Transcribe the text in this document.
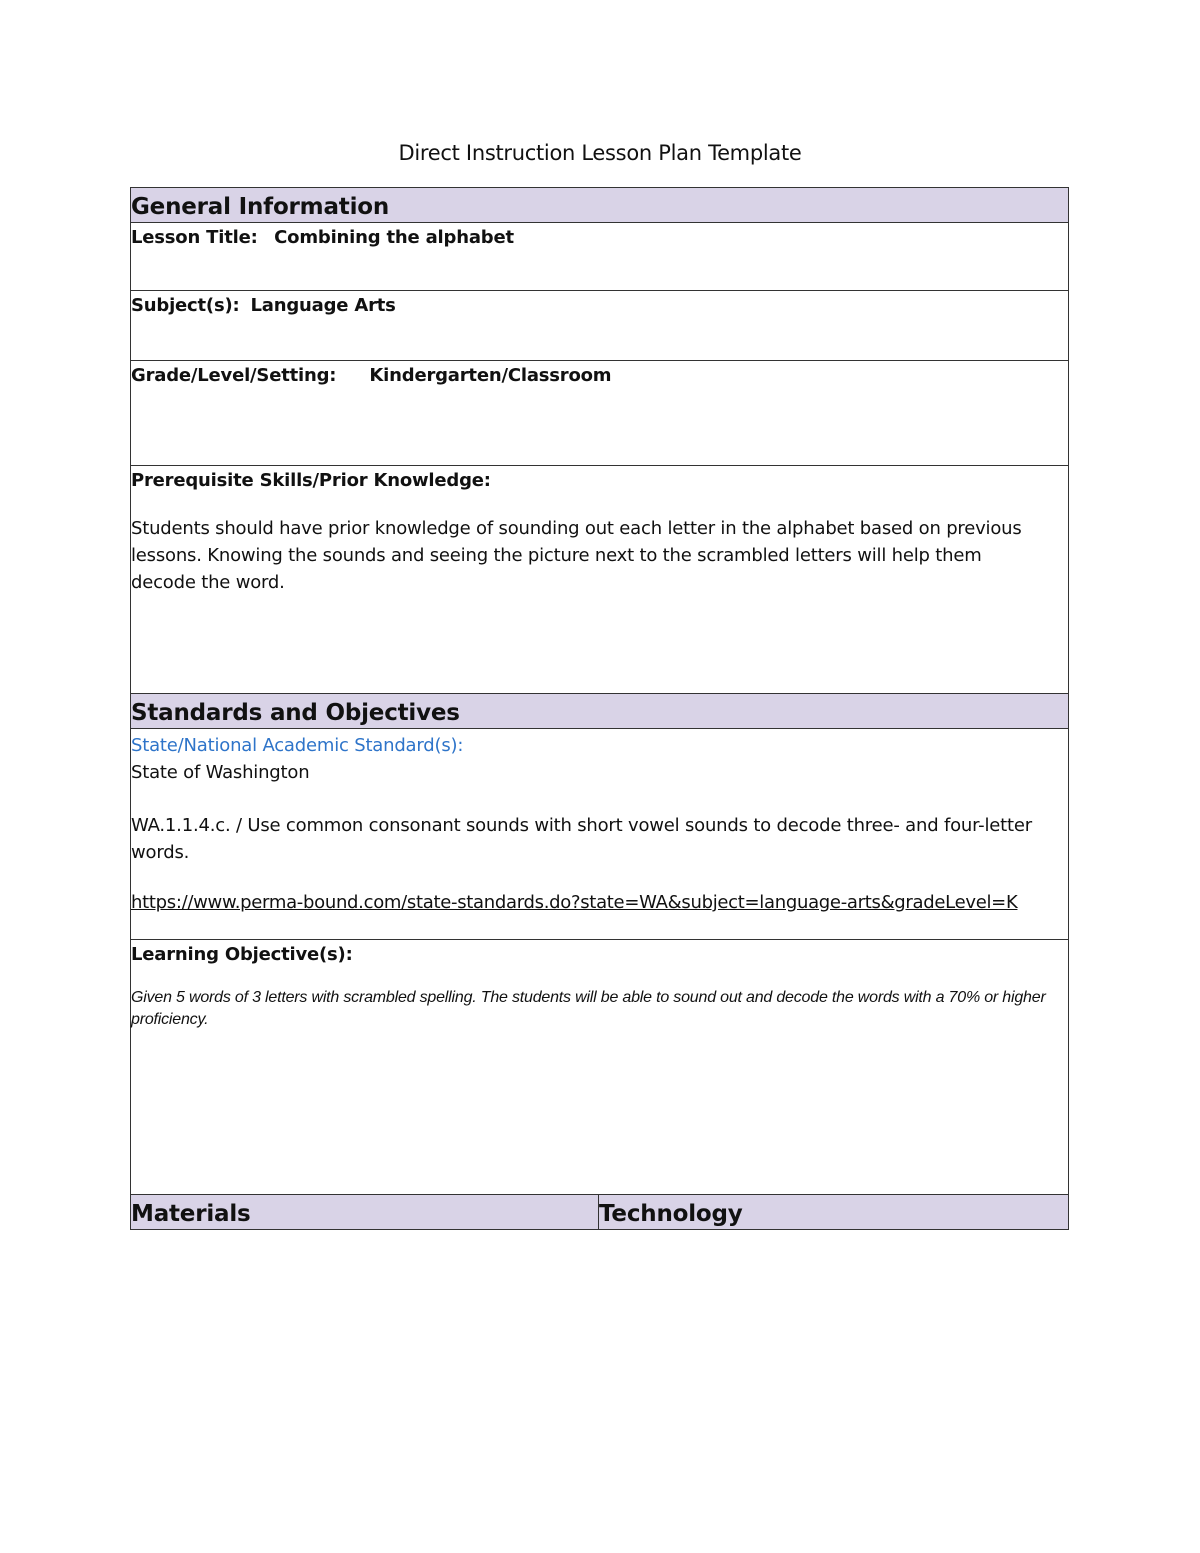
Direct Instruction Lesson Plan Template
General Information
Lesson Title: Combining the alphabet
Subject(s): Language Arts
Grade/Level/Setting: Kindergarten/Classroom
Prerequisite Skills/Prior Knowledge:

Students should have prior knowledge of sounding out each letter in the alphabet based on previous lessons. Knowing the sounds and seeing the picture next to the scrambled letters will help them decode the word.

Standards and Objectives
State/National Academic Standard(s):
State of Washington

WA.1.1.4.c. / Use common consonant sounds with short vowel sounds to decode three- and four-letter words.

https://www.perma-bound.com/state-standards.do?state=WA&subject=language-arts&gradeLevel=K
Learning Objective(s):

Given 5 words of 3 letters with scrambled spelling. The students will be able to sound out and decode the words with a 70% or higher proficiency.

Materials	Technology
